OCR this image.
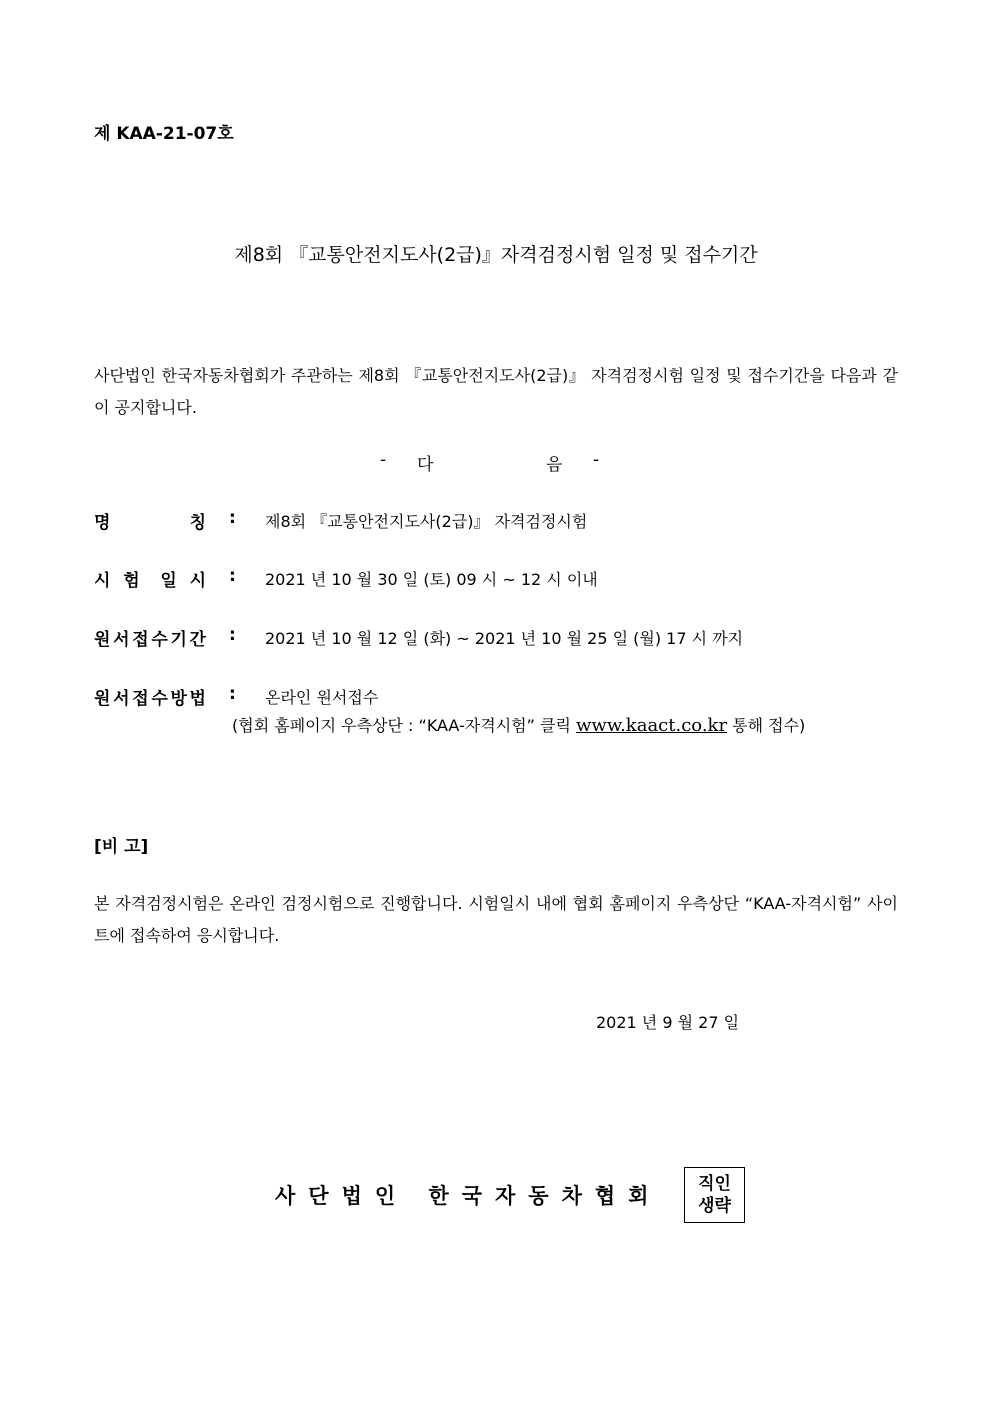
제 KAA-21-07호
제8회 『교통안전지도사(2급)』자격검정시험 일정 및 접수기간
사단법인 한국자동차협회가 주관하는 제8회 『교통안전지도사(2급)』 자격검정시험 일정 및 접수기간을 다음과 같이 공지합니다.
- 다	음 -
명	칭 : 제8회 『교통안전지도사(2급)』 자격검정시험
시 험 일 시 : 2021 년 10 월 30 일 (토) 09 시 ~ 12 시 이내
원 서 접 수 기 간 : 2021 년 10 월 12 일 (화) ~ 2021 년 10 월 25 일 (월) 17 시 까지
원 서 접 수 방 법 : 온라인 원서접수
(협회 홈페이지 우측상단 : “KAA-자격시험” 클릭 www.kaact.co.kr 통해 접수)
[비 고]
본 자격검정시험은 온라인 검정시험으로 진행합니다. 시험일시 내에 협회 홈페이지 우측상단 “KAA-자격시험” 사이트에 접속하여 응시합니다.
2021 년 9 월 27 일
사단법인 한국자동차협회 직인
생략
